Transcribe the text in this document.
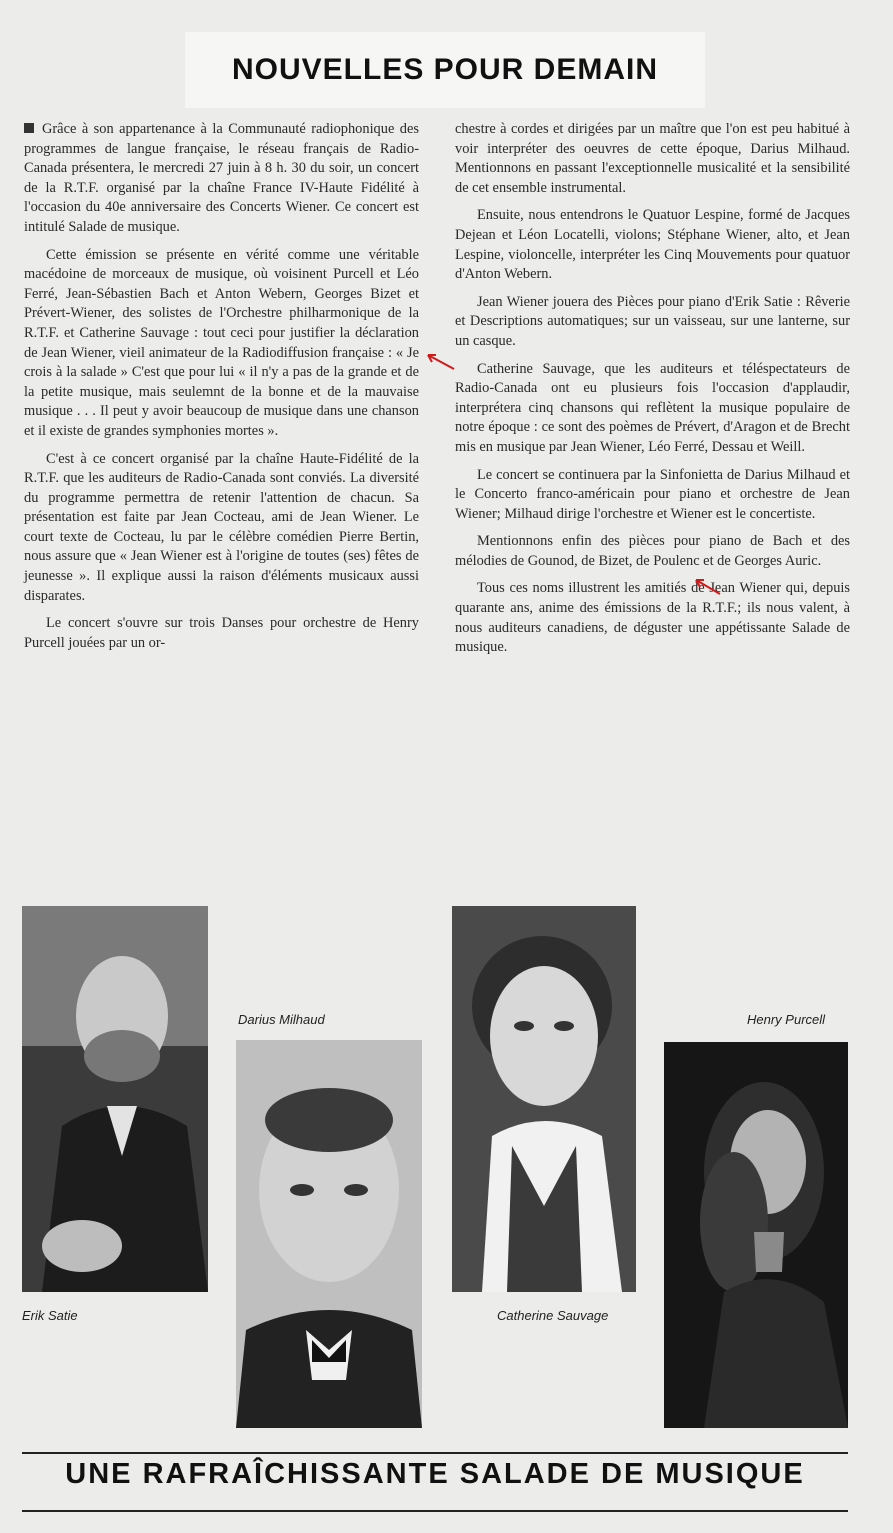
NOUVELLES POUR DEMAIN

Grâce à son appartenance à la Communauté radiophonique des programmes de langue française, le réseau français de Radio-Canada présentera, le mercredi 27 juin à 8 h. 30 du soir, un concert de la R.T.F. organisé par la chaîne France IV-Haute Fidélité à l'occasion du 40e anniversaire des Concerts Wiener. Ce concert est intitulé Salade de musique.

Cette émission se présente en vérité comme une véritable macédoine de morceaux de musique, où voisinent Purcell et Léo Ferré, Jean-Sébastien Bach et Anton Webern, Georges Bizet et Prévert-Wiener, des solistes de l'Orchestre philharmonique de la R.T.F. et Catherine Sauvage : tout ceci pour justifier la déclaration de Jean Wiener, vieil animateur de la Radiodiffusion française : « Je crois à la salade » C'est que pour lui « il n'y a pas de la grande et de la petite musique, mais seulemnt de la bonne et de la mauvaise musique . . . Il peut y avoir beaucoup de musique dans une chanson et il existe de grandes symphonies mortes ».

C'est à ce concert organisé par la chaîne Haute-Fidélité de la R.T.F. que les auditeurs de Radio-Canada sont conviés. La diversité du programme permettra de retenir l'attention de chacun. Sa présentation est faite par Jean Cocteau, ami de Jean Wiener. Le court texte de Cocteau, lu par le célèbre comédien Pierre Bertin, nous assure que « Jean Wiener est à l'origine de toutes (ses) fêtes de jeunesse ». Il explique aussi la raison d'éléments musicaux aussi disparates.

Le concert s'ouvre sur trois Danses pour orchestre de Henry Purcell jouées par un or-

chestre à cordes et dirigées par un maître que l'on est peu habitué à voir interpréter des oeuvres de cette époque, Darius Milhaud. Mentionnons en passant l'exceptionnelle musicalité et la sensibilité de cet ensemble instrumental.

Ensuite, nous entendrons le Quatuor Lespine, formé de Jacques Dejean et Léon Locatelli, violons; Stéphane Wiener, alto, et Jean Lespine, violoncelle, interpréter les Cinq Mouvements pour quatuor d'Anton Webern.

Jean Wiener jouera des Pièces pour piano d'Erik Satie : Rêverie et Descriptions automatiques; sur un vaisseau, sur une lanterne, sur un casque.

Catherine Sauvage, que les auditeurs et téléspectateurs de Radio-Canada ont eu plusieurs fois l'occasion d'applaudir, interprétera cinq chansons qui reflètent la musique populaire de notre époque : ce sont des poèmes de Prévert, d'Aragon et de Brecht mis en musique par Jean Wiener, Léo Ferré, Dessau et Weill.

Le concert se continuera par la Sinfonietta de Darius Milhaud et le Concerto franco-américain pour piano et orchestre de Jean Wiener; Milhaud dirige l'orchestre et Wiener est le concertiste.

Mentionnons enfin des pièces pour piano de Bach et des mélodies de Gounod, de Bizet, de Poulenc et de Georges Auric.

Tous ces noms illustrent les amitiés de Jean Wiener qui, depuis quarante ans, anime des émissions de la R.T.F.; ils nous valent, à nous auditeurs canadiens, de déguster une appétissante Salade de musique.

Erik Satie
Darius Milhaud
Catherine Sauvage
Henry Purcell
UNE RAFRAÎCHISSANTE SALADE DE MUSIQUE
